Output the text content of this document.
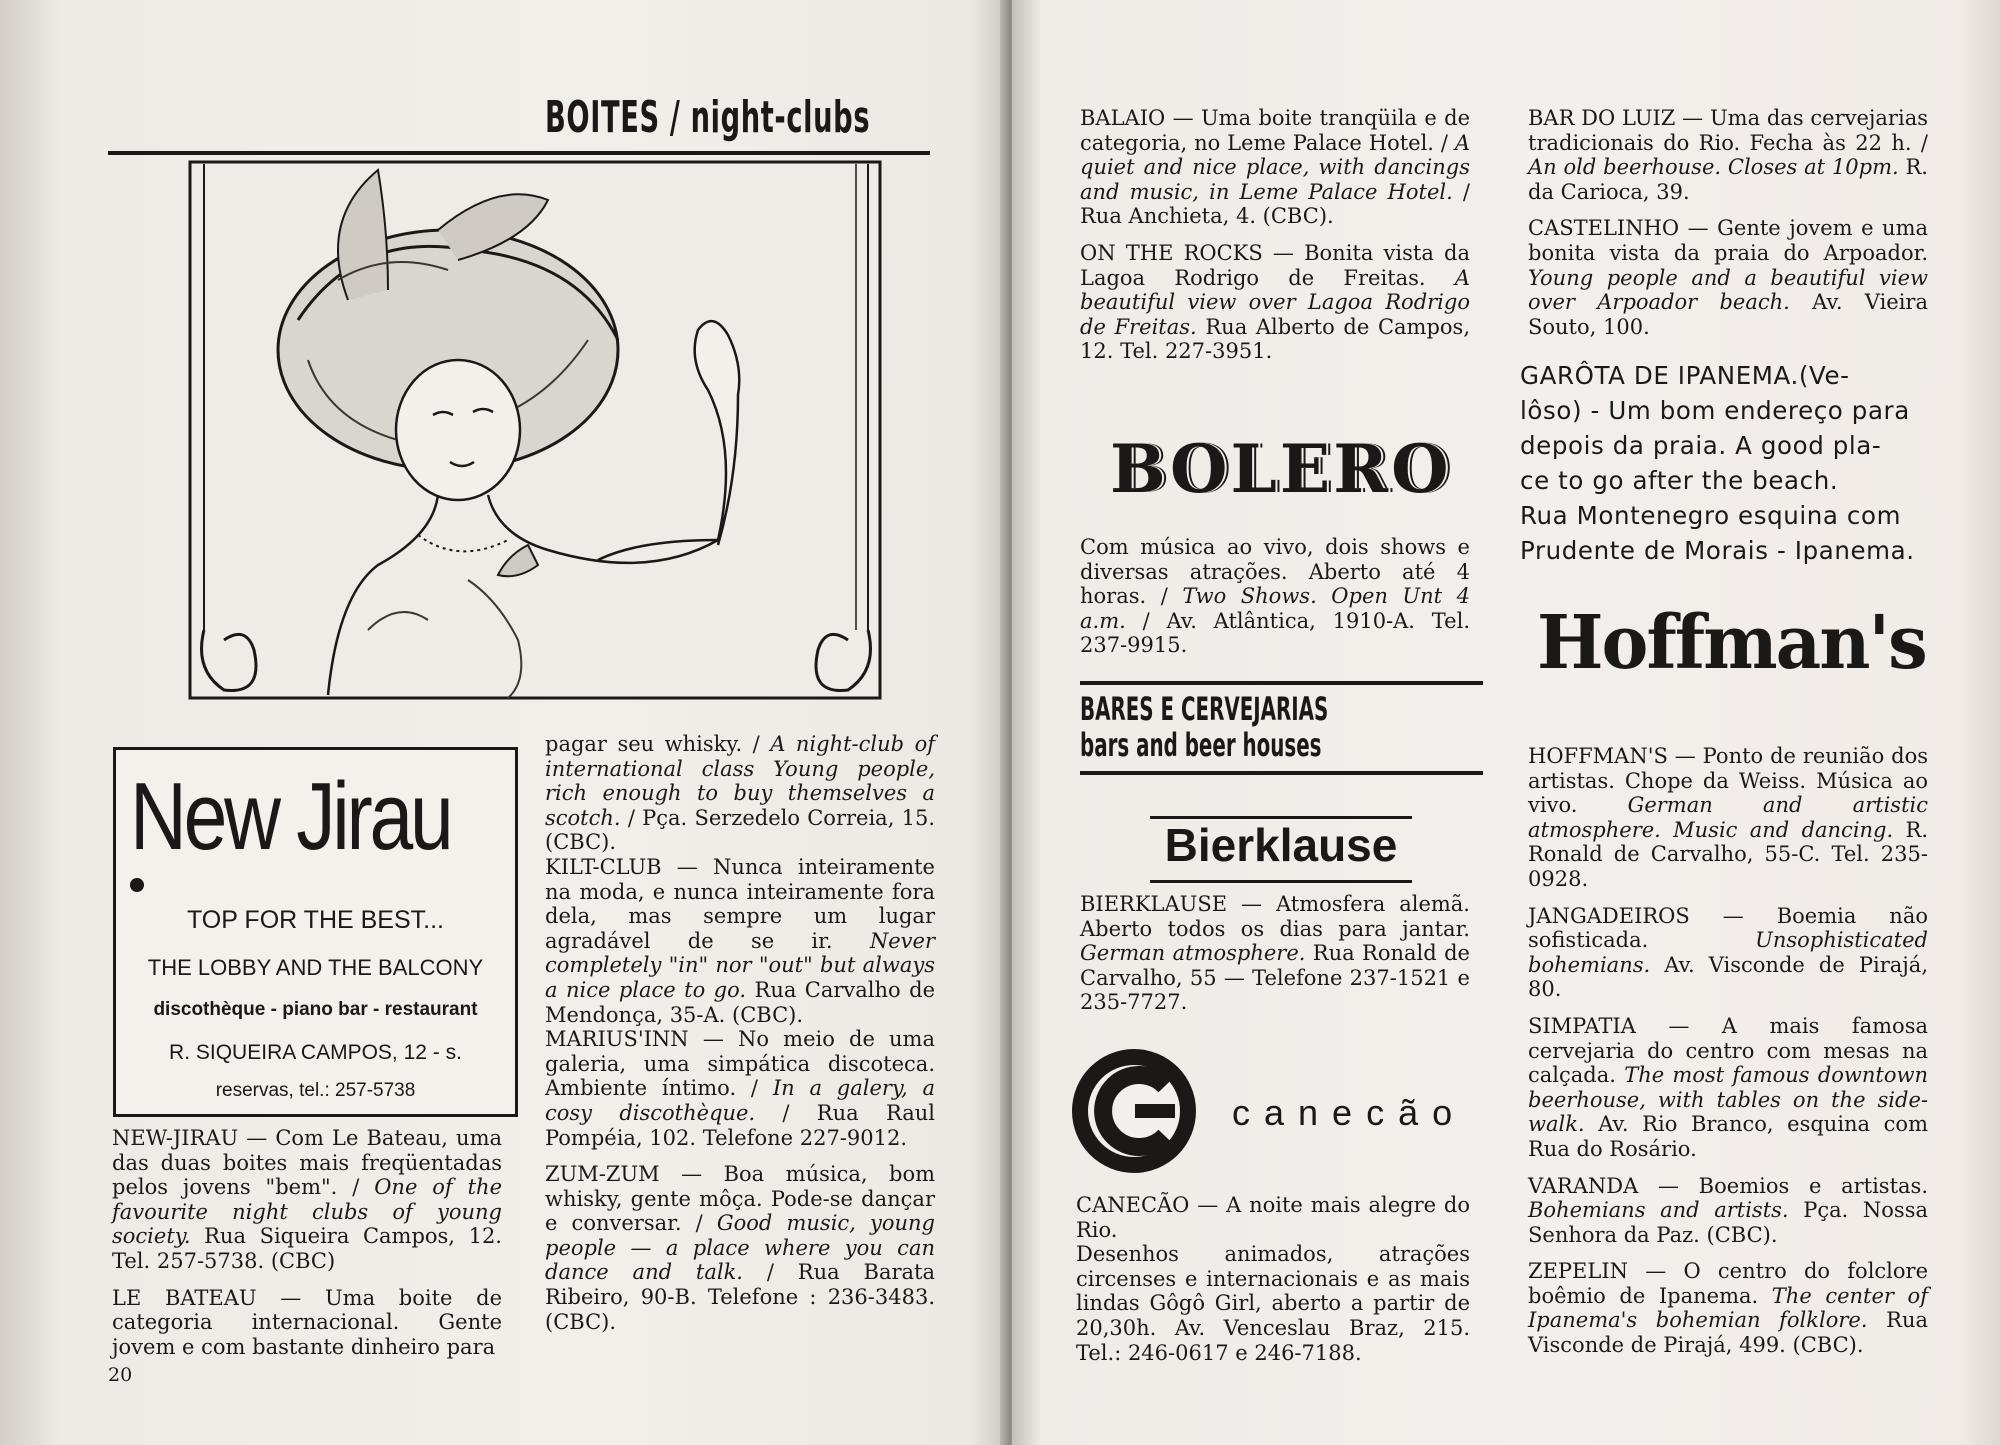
BOITES / night-clubs
New Jirau
TOP FOR THE BEST...
THE LOBBY AND THE BALCONY
discothèque - piano bar - restaurant
R. SIQUEIRA CAMPOS, 12 - s.
reservas, tel.: 257-5738

NEW-JIRAU — Com Le Bateau, uma das duas boites mais freqüentadas pelos jovens "bem". / One of the favourite night clubs of young society. Rua Siqueira Campos, 12. Tel. 257-5738. (CBC)

LE BATEAU — Uma boite de categoria internacional. Gente jovem e com bastante dinheiro para

pagar seu whisky. / A night-club of international class Young people, rich enough to buy themselves a scotch. / Pça. Serzedelo Correia, 15. (CBC).

KILT-CLUB — Nunca inteiramente na moda, e nunca inteiramente fora dela, mas sempre um lugar agradável de se ir. Never completely "in" nor "out" but always a nice place to go. Rua Carvalho de Mendonça, 35-A. (CBC).

MARIUS'INN — No meio de uma galeria, uma simpática discoteca. Ambiente íntimo. / In a galery, a cosy discothèque. / Rua Raul Pompéia, 102. Telefone 227-9012.

ZUM-ZUM — Boa música, bom whisky, gente môça. Pode-se dançar e conversar. / Good music, young people — a place where you can dance and talk. / Rua Barata Ribeiro, 90-B. Telefone : 236-3483. (CBC).

20

BALAIO — Uma boite tranqüila e de categoria, no Leme Palace Hotel. / A quiet and nice place, with dancings and music, in Leme Palace Hotel. / Rua Anchieta, 4. (CBC).

ON THE ROCKS — Bonita vista da Lagoa Rodrigo de Freitas. A beautiful view over Lagoa Rodrigo de Freitas. Rua Alberto de Campos, 12. Tel. 227-3951.

BOLERO

Com música ao vivo, dois shows e diversas atrações. Aberto até 4 horas. / Two Shows. Open Unt 4 a.m. / Av. Atlântica, 1910-A. Tel. 237-9915.

BARES E CERVEJARIAS
bars and beer houses
Bierklause

BIERKLAUSE — Atmosfera alemã. Aberto todos os dias para jantar. German atmosphere. Rua Ronald de Carvalho, 55 — Telefone 237-1521 e 235-7727.

canecão

CANECÃO — A noite mais alegre do Rio.

Desenhos animados, atrações circenses e internacionais e as mais lindas Gôgô Girl, aberto a partir de 20,30h. Av. Venceslau Braz, 215. Tel.: 246-0617 e 246-7188.

BAR DO LUIZ — Uma das cervejarias tradicionais do Rio. Fecha às 22 h. / An old beerhouse. Closes at 10pm. R. da Carioca, 39.

CASTELINHO — Gente jovem e uma bonita vista da praia do Arpoador. Young people and a beautiful view over Arpoador beach. Av. Vieira Souto, 100.

GARÔTA DE IPANEMA.(Ve-
lôso) - Um bom endereço para
depois da praia. A good pla-
ce to go after the beach.
Rua Montenegro esquina com
Prudente de Morais - Ipanema.
Hoffman's

HOFFMAN'S — Ponto de reunião dos artistas. Chope da Weiss. Música ao vivo. German and artistic atmosphere. Music and dancing. R. Ronald de Carvalho, 55-C. Tel. 235-0928.

JANGADEIROS — Boemia não sofisticada. Unsophisticated bohemians. Av. Visconde de Pirajá, 80.

SIMPATIA — A mais famosa cervejaria do centro com mesas na calçada. The most famous downtown beerhouse, with tables on the side-walk. Av. Rio Branco, esquina com Rua do Rosário.

VARANDA — Boemios e artistas. Bohemians and artists. Pça. Nossa Senhora da Paz. (CBC).

ZEPELIN — O centro do folclore boêmio de Ipanema. The center of Ipanema's bohemian folklore. Rua Visconde de Pirajá, 499. (CBC).
